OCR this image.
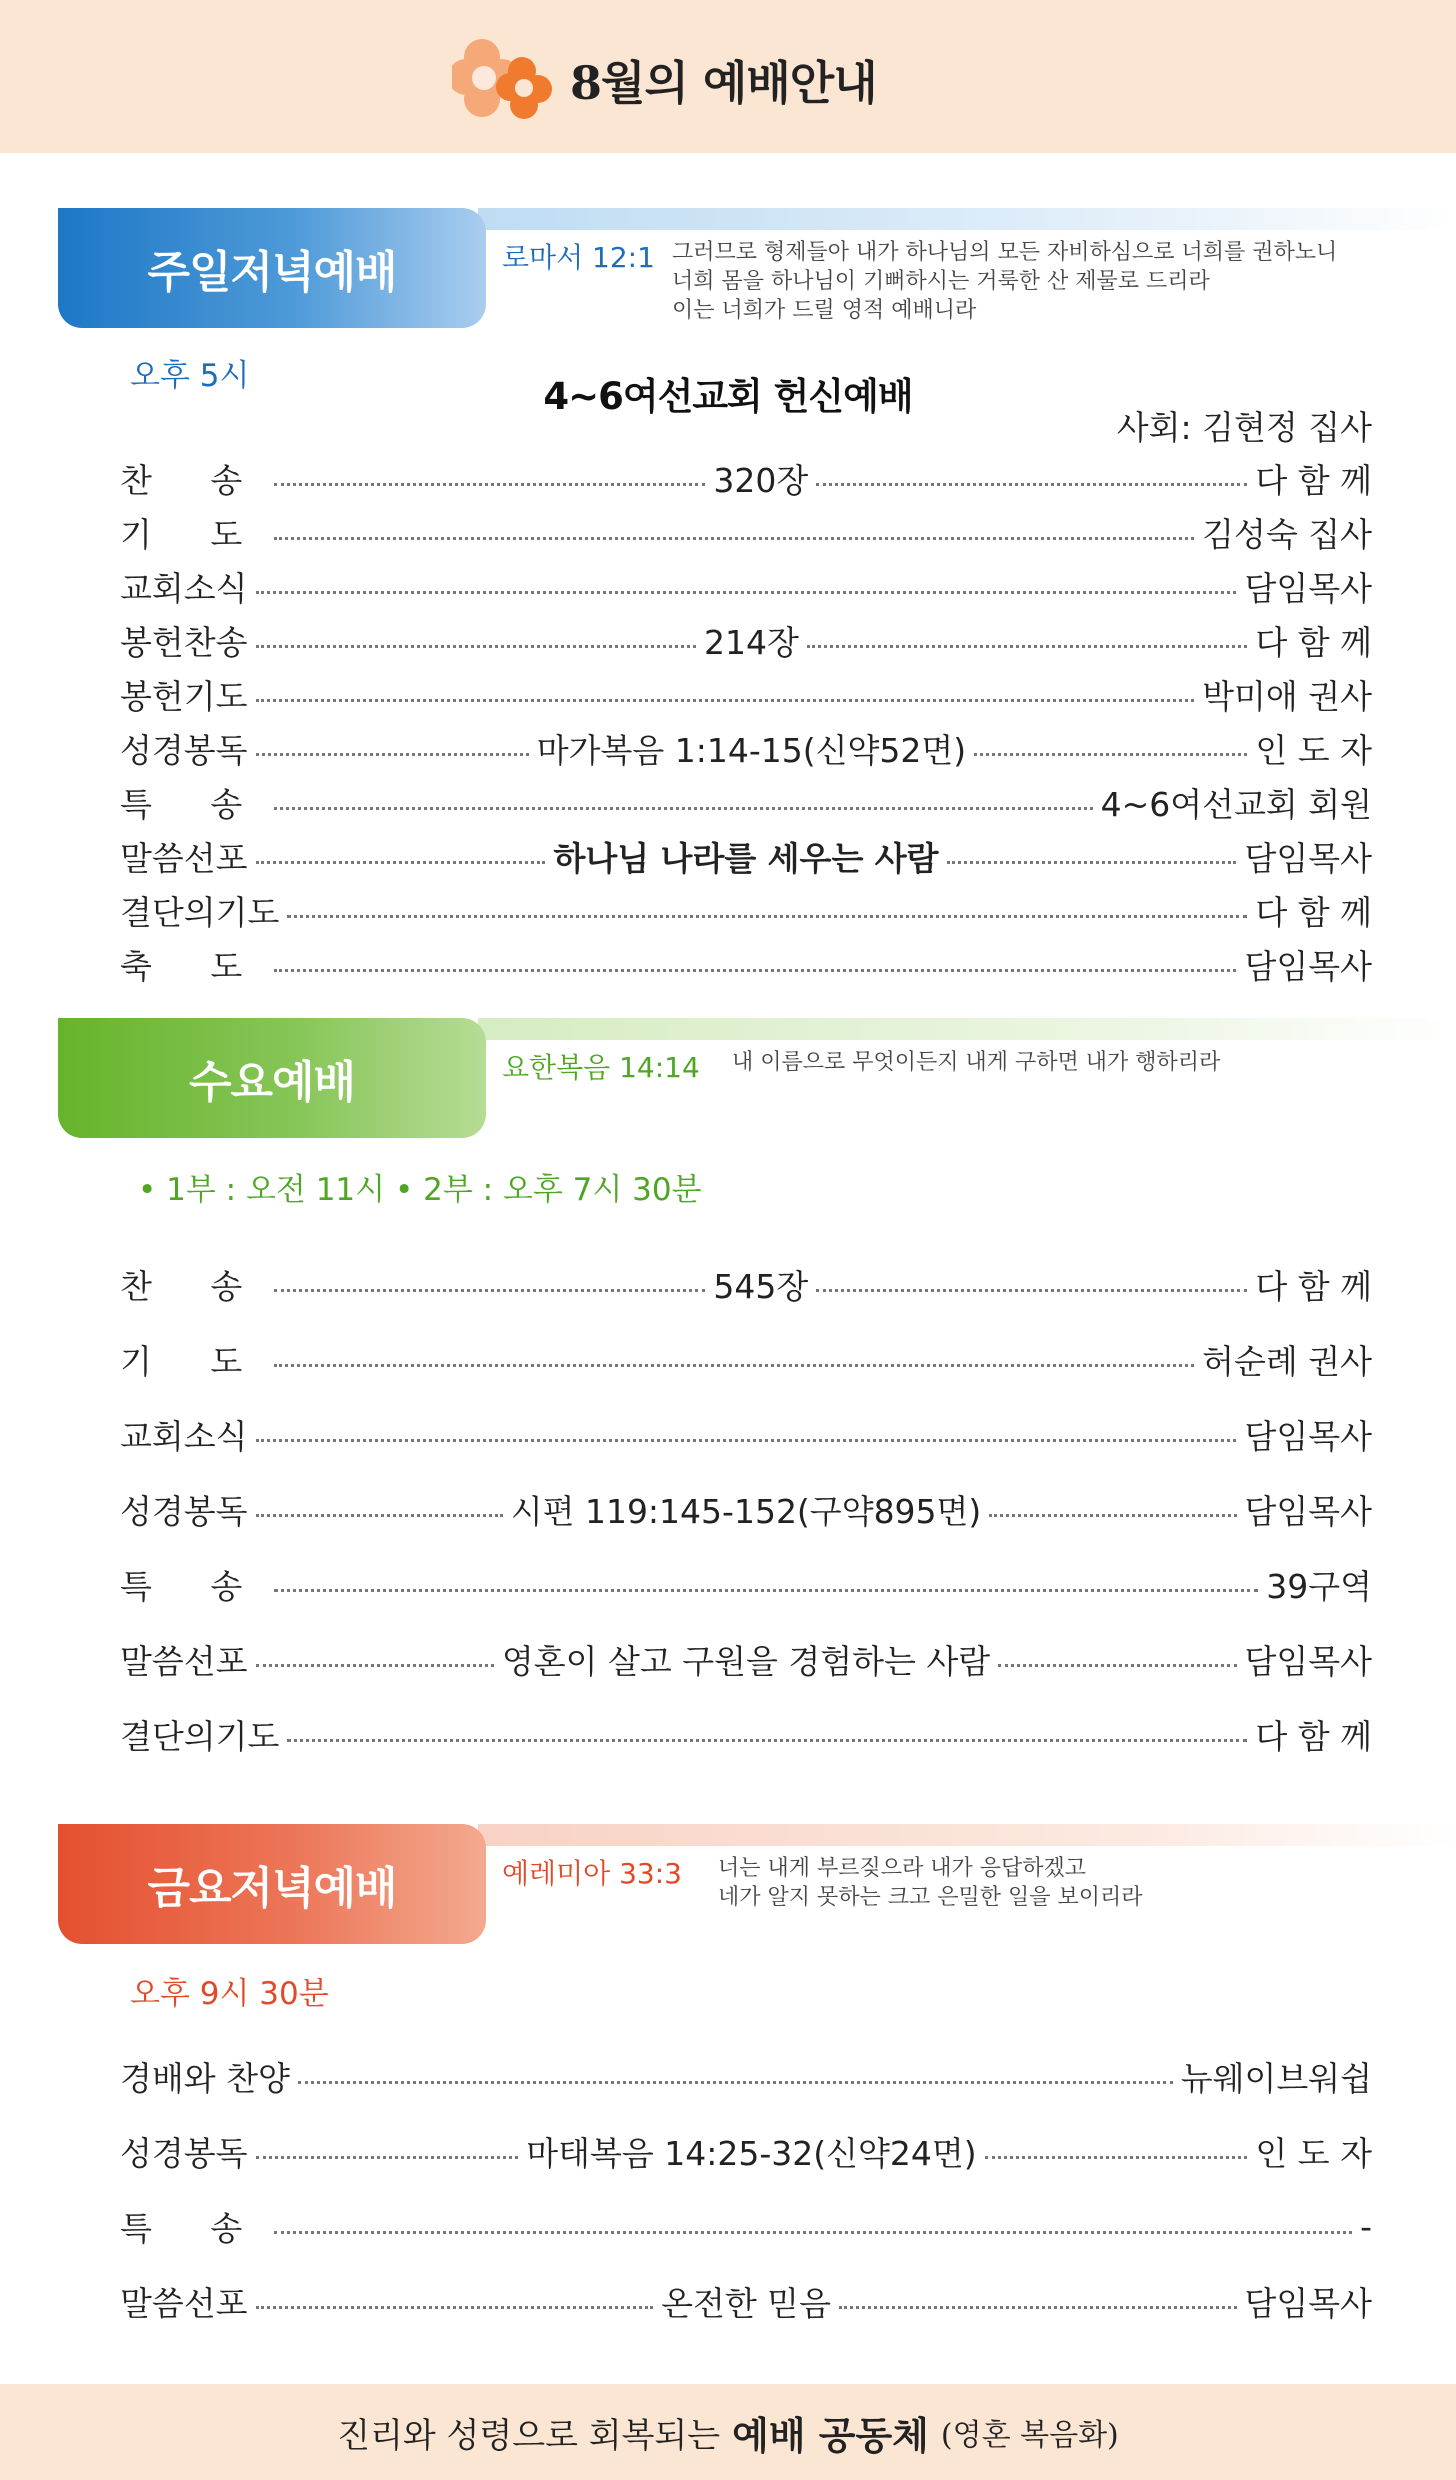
8월의 예배안내
주일저녁예배	로마서 12:1 그러므로 형제들아 내가 하나님의 모든 자비하심으로 너희를 권하노니
너희 몸을 하나님이 기뻐하시는 거룩한 산 제물로 드리라
이는 너희가 드릴 영적 예배니라
오후 5시	4~6여선교회 헌신예배
사회: 김현정 집사
찬 송	320장	다 함 께
기 도	김성숙 집사
교회소식	담임목사
봉헌찬송	214장	다 함 께
봉헌기도	박미애 권사
성경봉독	마가복음 1:14-15(신약52면)	인 도 자
특 송	4~6여선교회 회원
말씀선포	하나님 나라를 세우는 사람	담임목사
결단의기도	다 함 께
축 도	담임목사
수요예배	요한복음 14:14 내 이름으로 무엇이든지 내게 구하면 내가 행하리라
• 1부 : 오전 11시 • 2부 : 오후 7시 30분
찬 송	545장	다 함 께
기 도	허순례 권사
교회소식	담임목사
성경봉독	시편 119:145-152(구약895면)	담임목사
특 송	39구역
말씀선포	영혼이 살고 구원을 경험하는 사람	담임목사
결단의기도	다 함 께
금요저녁예배	예레미아 33:3 너는 내게 부르짖으라 내가 응답하겠고
네가 알지 못하는 크고 은밀한 일을 보이리라
오후 9시 30분
경배와 찬양	뉴웨이브워쉽
성경봉독	마태복음 14:25-32(신약24면)	인 도 자
특 송	-
말씀선포	온전한 믿음	담임목사
진리와 성령으로 회복되는 예배 공동체 (영혼 복음화)
